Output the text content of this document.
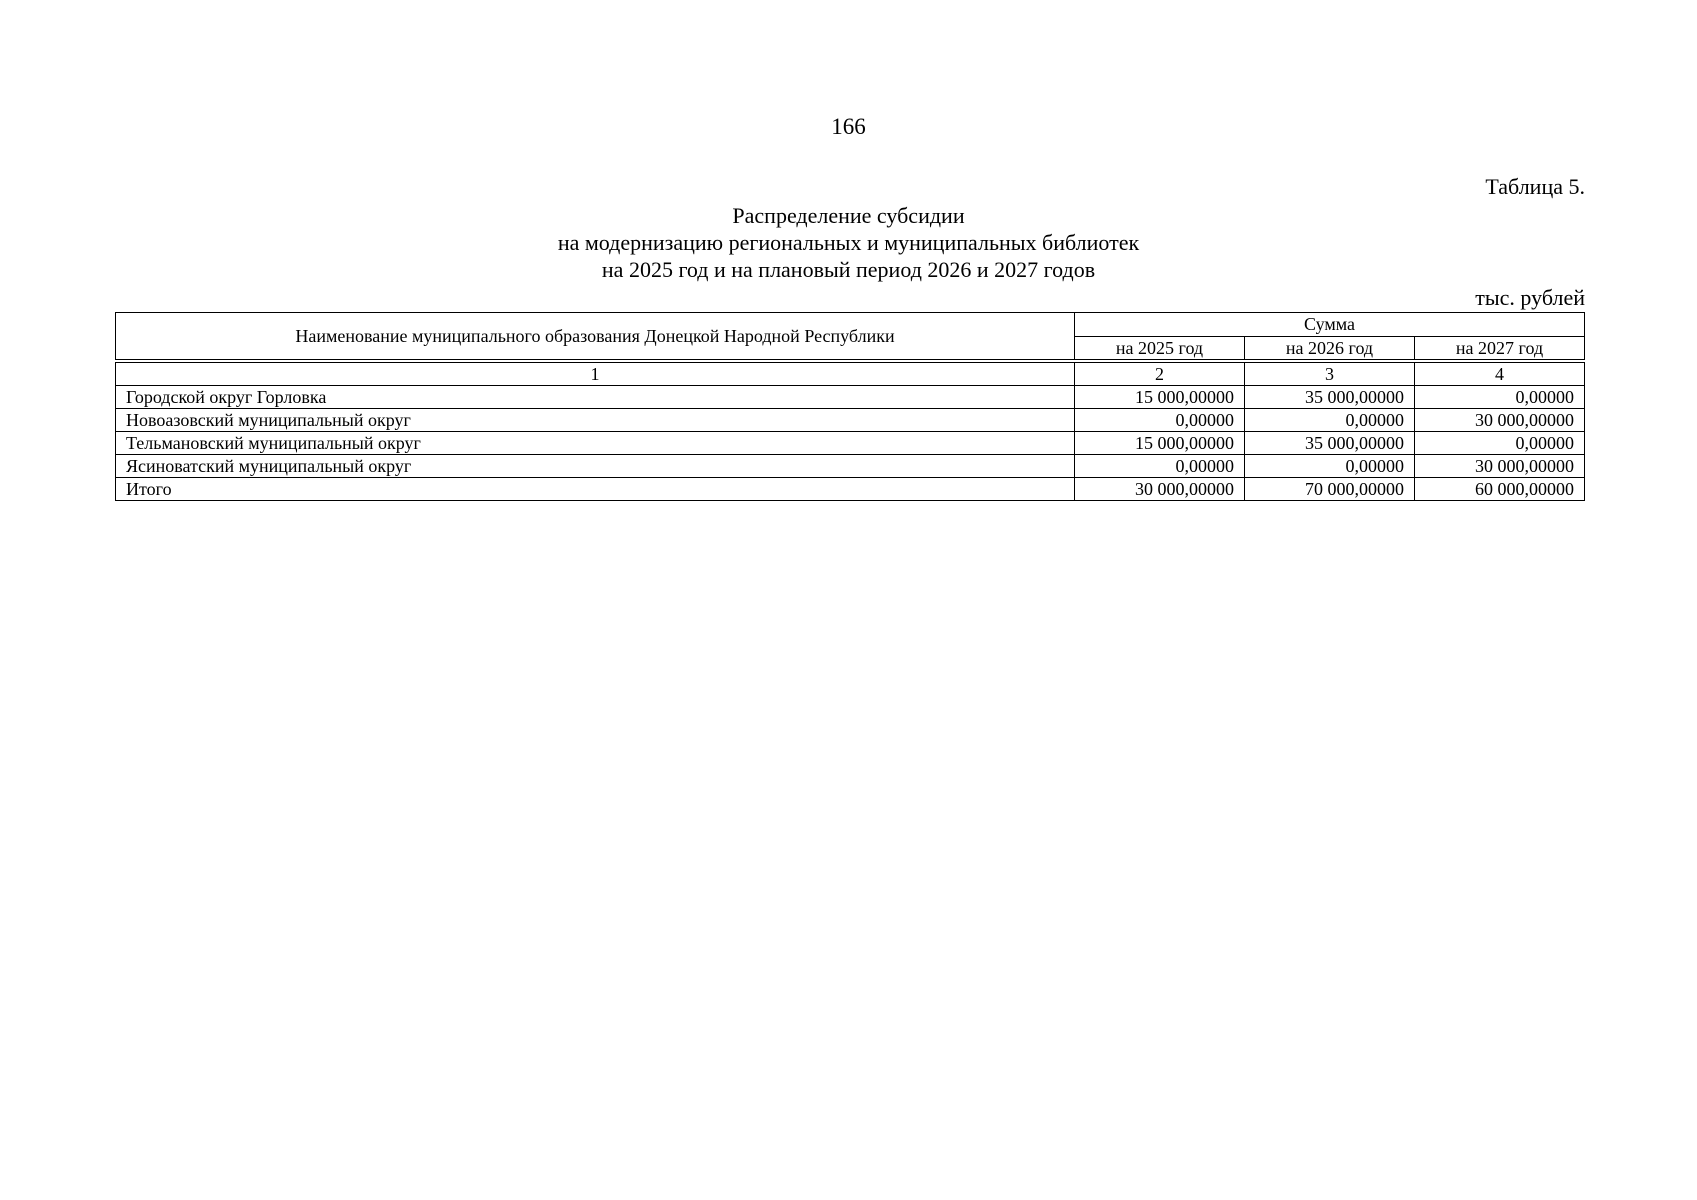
166
Таблица 5.
Распределение субсидии
на модернизацию региональных и муниципальных библиотек
на 2025 год и на плановый период 2026 и 2027 годов
тыс. рублей
Наименование муниципального образования Донецкой Народной Республики	Сумма		
	на 2025 год	на 2026 год	на 2027 год

1	2	3	4
Городской округ Горловка	15 000,00000	35 000,00000	0,00000
Новоазовский муниципальный округ	0,00000	0,00000	30 000,00000
Тельмановский муниципальный округ	15 000,00000	35 000,00000	0,00000
Ясиноватский муниципальный округ	0,00000	0,00000	30 000,00000
Итого	30 000,00000	70 000,00000	60 000,00000
